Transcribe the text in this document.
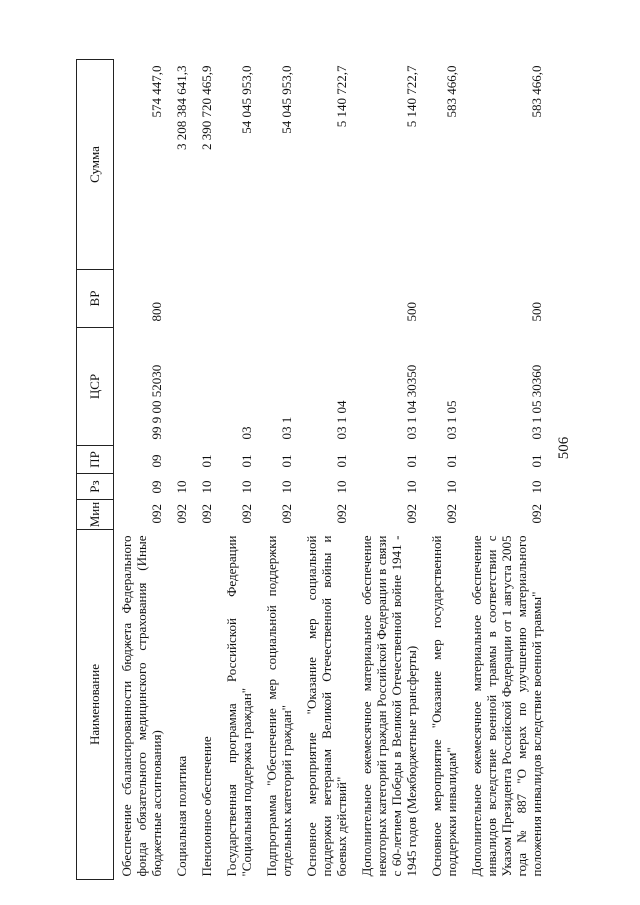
506
Наименование	Мин	Рз	ПР	ЦСР	ВР	Сумма
Обеспечение сбалансированности бюджета Федерального фонда обязательного медицинского страхования (Иные бюджетные ассигнования)	092	09	09	99 9 00 52030	800	574 447,0
Социальная политика	092	10				3 208 384 641,3
Пенсионное обеспечение	092	10	01			2 390 720 465,9
Государственная программа Российской Федерации "Социальная поддержка граждан"	092	10	01	03		54 045 953,0
Подпрограмма "Обеспечение мер социальной поддержки отдельных категорий граждан"	092	10	01	03 1		54 045 953,0
Основное мероприятие "Оказание мер социальной поддержки ветеранам Великой Отечественной войны и боевых действий"	092	10	01	03 1 04		5 140 722,7
Дополнительное ежемесячное материальное обеспечение некоторых категорий граждан Российской Федерации в связи с 60-летием Победы в Великой Отечественной войне 1941 - 1945 годов (Межбюджетные трансферты)	092	10	01	03 1 04 30350	500	5 140 722,7
Основное мероприятие "Оказание мер государственной поддержки инвалидам"	092	10	01	03 1 05		583 466,0
Дополнительное ежемесячное материальное обеспечение инвалидов вследствие военной травмы в соответствии с Указом Президента Российской Федерации от 1 августа 2005 года № 887 "О мерах по улучшению материального положения инвалидов вследствие военной травмы"	092	10	01	03 1 05 30360	500	583 466,0
